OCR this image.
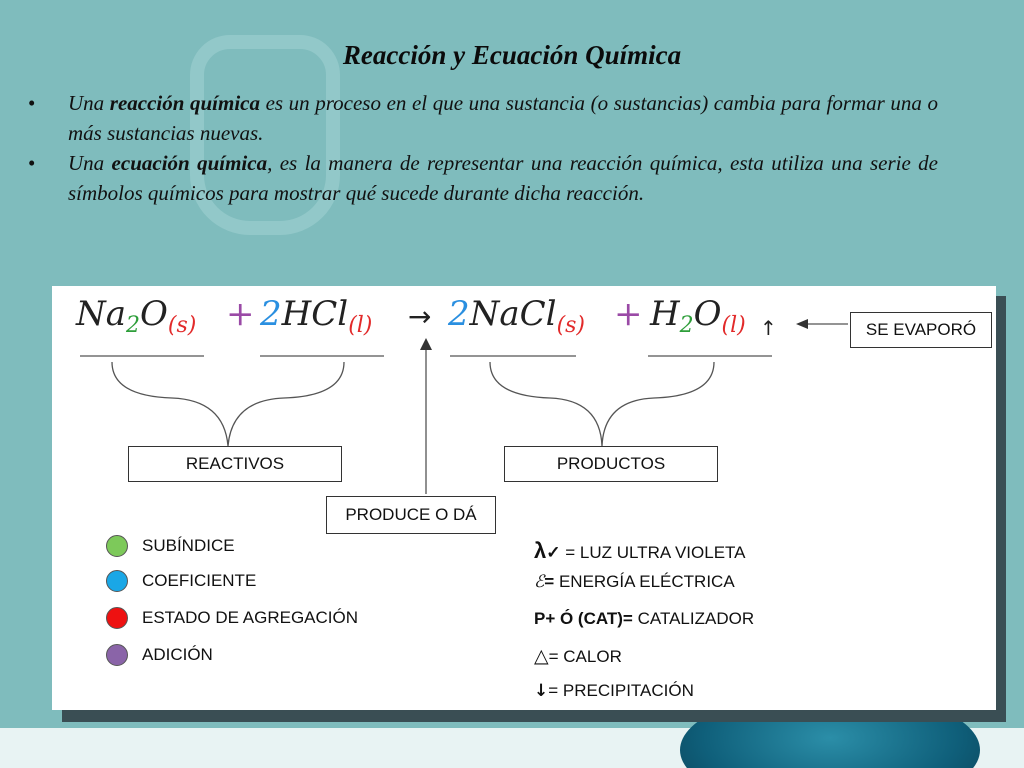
Reacción y Ecuación Química
• Una reacción química es un proceso en el que una sustancia (o sustancias) cambia para formar una o más sustancias nuevas.
• Una ecuación química, es la manera de representar una reacción química, esta utiliza una serie de símbolos químicos para mostrar qué sucede durante dicha reacción.
$Na_2O_{(s)} + 2HCl_{(l)}$ → 2NaCl$_{(s)}$ + $H_2O_{(l)}$ ↑	SE EVAPORÓ
REACTIVOS	PRODUCTOS
PRODUCE O DÁ
SUBÍNDICE
COEFICIENTE
ESTADO DE AGREGACIÓN
ADICIÓN
λ✓ = LUZ ULTRA VIOLETA
ℰ= ENERGÍA ELÉCTRICA
P+ Ó (CAT)= CATALIZADOR
△= CALOR
↓= PRECIPITACIÓN
